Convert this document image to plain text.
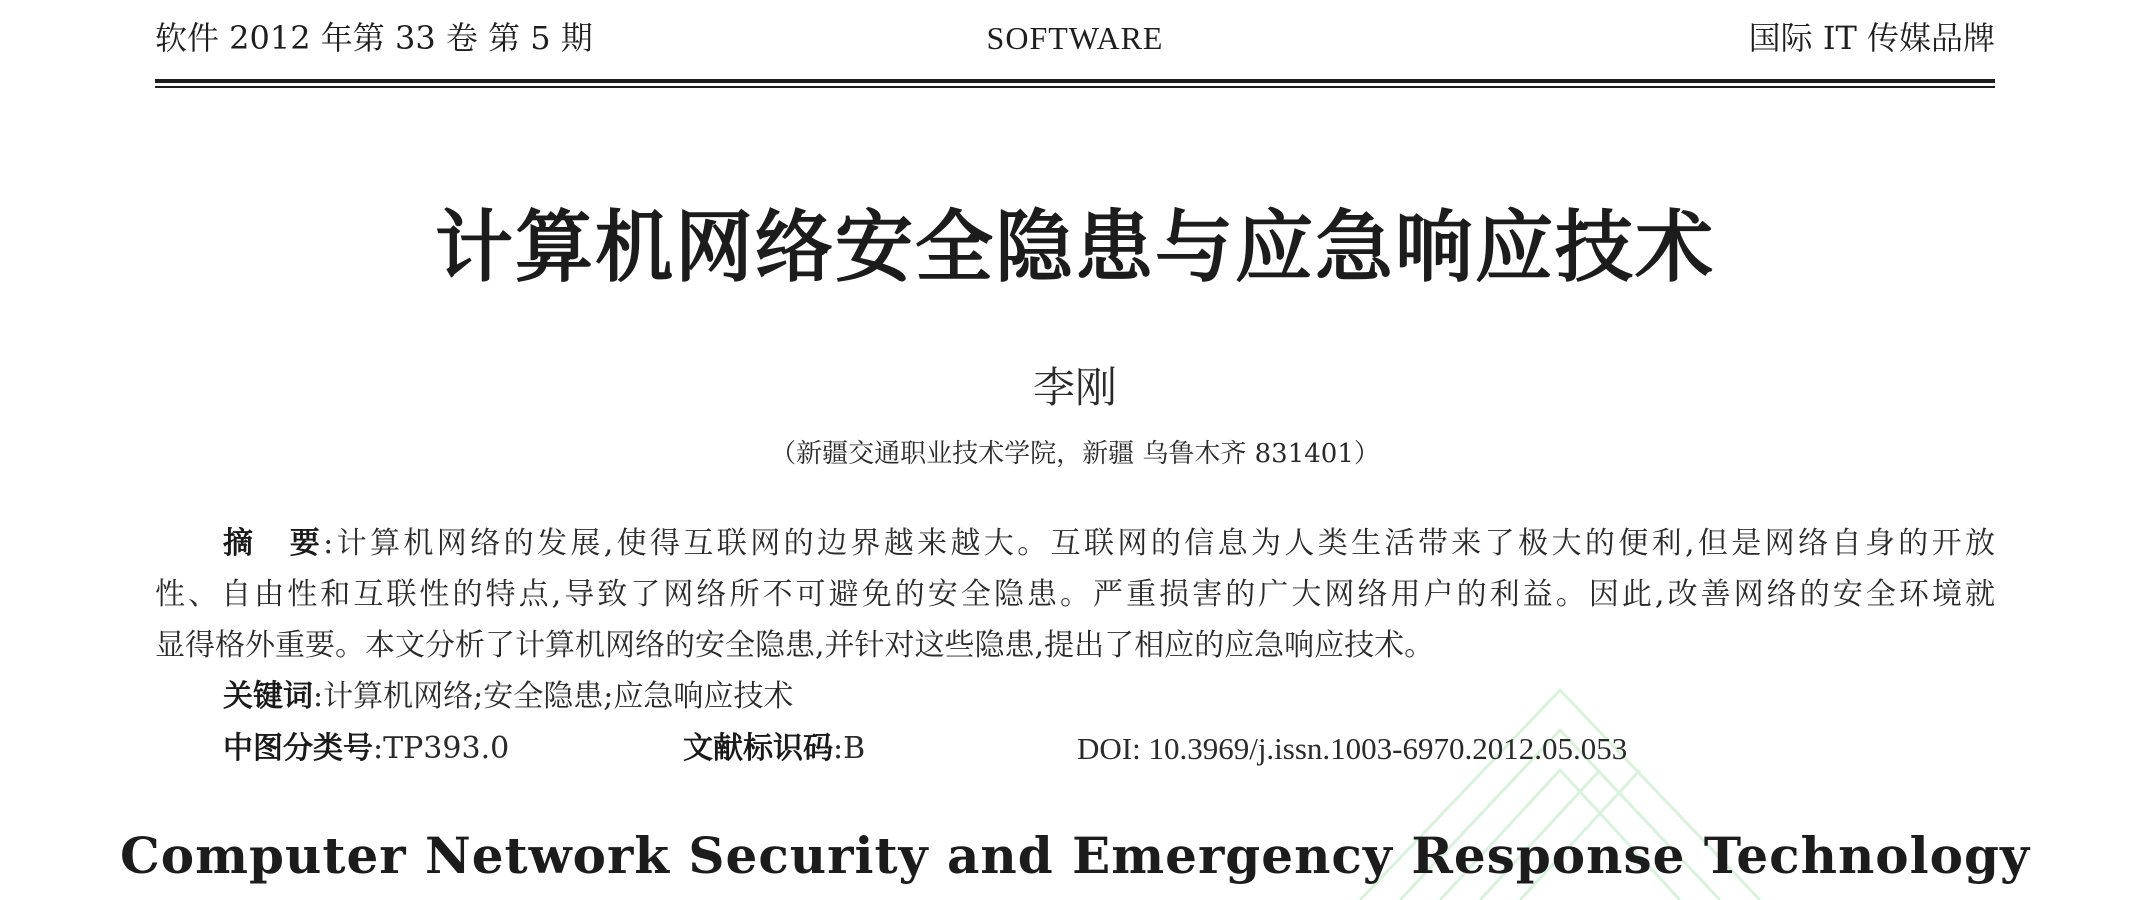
软件 2012 年第 33 卷 第 5 期	SOFTWARE	国际 IT 传媒品牌
计算机网络安全隐患与应急响应技术
李刚
（新疆交通职业技术学院，新疆 乌鲁木齐 831401）
摘　要:计算机网络的发展,使得互联网的边界越来越大。互联网的信息为人类生活带来了极大的便利,但是网络自身的开放
性、自由性和互联性的特点,导致了网络所不可避免的安全隐患。严重损害的广大网络用户的利益。因此,改善网络的安全环境就
显得格外重要。本文分析了计算机网络的安全隐患,并针对这些隐患,提出了相应的应急响应技术。
关键词:计算机网络;安全隐患;应急响应技术
中图分类号:TP393.0	文献标识码:B	DOI: 10.3969/j.issn.1003-6970.2012.05.053
Computer Network Security and Emergency Response Technology
